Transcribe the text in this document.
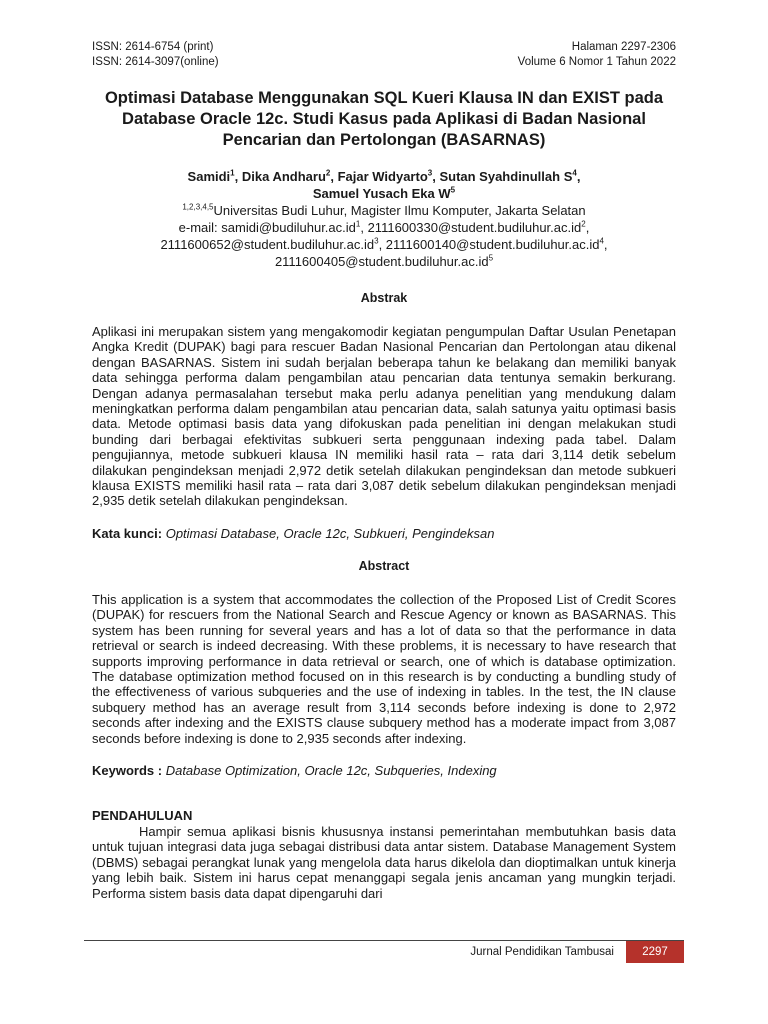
ISSN: 2614-6754 (print)
ISSN: 2614-3097(online)
Halaman 2297-2306
Volume 6 Nomor 1 Tahun 2022
Optimasi Database Menggunakan SQL Kueri Klausa IN dan EXIST pada Database Oracle 12c. Studi Kasus pada Aplikasi di Badan Nasional Pencarian dan Pertolongan (BASARNAS)
Samidi$^1$, Dika Andharu$^2$, Fajar Widyarto$^3$, Sutan Syahdinullah $S^4$,
Samuel Yusach Eka $W^5$
$^{1,2,3,4,5}$Universitas Budi Luhur, Magister Ilmu Komputer, Jakarta Selatan
e-mail: $samidi@budiluhur.ac.id^1$, $2111600330@student.budiluhur.ac.id^2$,
$2111600652@student.budiluhur.ac.id^3$, $2111600140@student.budiluhur.ac.id^4$,
$2111600405@student.budiluhur.ac.id^5$
Abstrak
Aplikasi ini merupakan sistem yang mengakomodir kegiatan pengumpulan Daftar Usulan Penetapan Angka Kredit (DUPAK) bagi para rescuer Badan Nasional Pencarian dan Pertolongan atau dikenal dengan BASARNAS. Sistem ini sudah berjalan beberapa tahun ke belakang dan memiliki banyak data sehingga performa dalam pengambilan atau pencarian data tentunya semakin berkurang. Dengan adanya permasalahan tersebut maka perlu adanya penelitian yang mendukung dalam meningkatkan performa dalam pengambilan atau pencarian data, salah satunya yaitu optimasi basis data. Metode optimasi basis data yang difokuskan pada penelitian ini dengan melakukan studi bunding dari berbagai efektivitas subkueri serta penggunaan indexing pada tabel. Dalam pengujiannya, metode subkueri klausa IN memiliki hasil rata – rata dari 3,114 detik sebelum dilakukan pengindeksan menjadi 2,972 detik setelah dilakukan pengindeksan dan metode subkueri klausa EXISTS memiliki hasil rata – rata dari 3,087 detik sebelum dilakukan pengindeksan menjadi 2,935 detik setelah dilakukan pengindeksan.
Kata kunci: Optimasi Database, Oracle 12c, Subkueri, Pengindeksan
Abstract
This application is a system that accommodates the collection of the Proposed List of Credit Scores (DUPAK) for rescuers from the National Search and Rescue Agency or known as BASARNAS. This system has been running for several years and has a lot of data so that the performance in data retrieval or search is indeed decreasing. With these problems, it is necessary to have research that supports improving performance in data retrieval or search, one of which is database optimization. The database optimization method focused on in this research is by conducting a bundling study of the effectiveness of various subqueries and the use of indexing in tables. In the test, the IN clause subquery method has an average result from 3,114 seconds before indexing is done to 2,972 seconds after indexing and the EXISTS clause subquery method has a moderate impact from 3,087 seconds before indexing is done to 2,935 seconds after indexing.
Keywords : Database Optimization, Oracle 12c, Subqueries, Indexing
PENDAHULUAN
Hampir semua aplikasi bisnis khususnya instansi pemerintahan membutuhkan basis data untuk tujuan integrasi data juga sebagai distribusi data antar sistem. Database Management System (DBMS) sebagai perangkat lunak yang mengelola data harus dikelola dan dioptimalkan untuk kinerja yang lebih baik. Sistem ini harus cepat menanggapi segala jenis ancaman yang mungkin terjadi. Performa sistem basis data dapat dipengaruhi dari
Jurnal Pendidikan Tambusai	2297
